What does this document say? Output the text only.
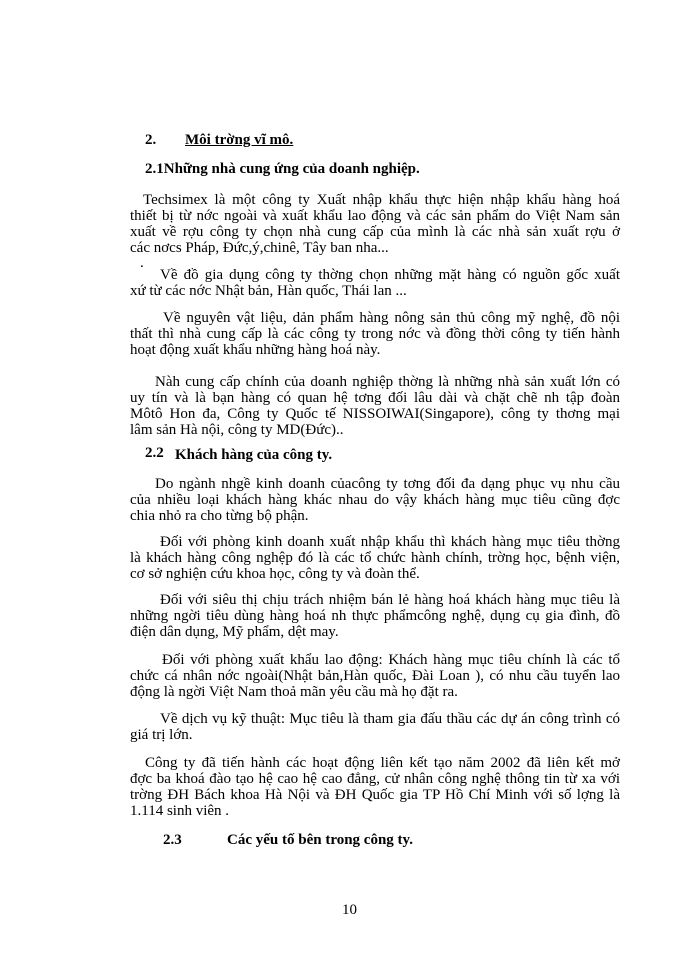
2. Môi trờng vĩ mô.
2.1Những nhà cung ứng của doanh nghiệp.
Techsimex là một công ty Xuất nhập khẩu thực hiện nhập khẩu hàng hoá
thiết bị từ nớc ngoài và xuất khẩu lao động và các sản phẩm do Việt Nam sản
xuất về rợu công ty chọn nhà cung cấp của mình là các nhà sản xuất rợu ở
các nơcs Pháp, Đức,ý,chinê, Tây ban nha...
.
Về đồ gia dụng công ty thờng chọn những mặt hàng có nguồn gốc xuất
xứ từ các nớc Nhật bản, Hàn quốc, Thái lan ...
Về nguyên vật liệu, dản phẩm hàng nông sản thủ công mỹ nghệ, đồ nội
thất thì nhà cung cấp là các công ty trong nớc và đồng thời công ty tiến hành
hoạt động xuất khẩu những hàng hoá này.
Nàh cung cấp chính của doanh nghiệp thờng là những nhà sản xuất lớn có
uy tín và là bạn hàng có quan hệ tơng đối lâu dài và chặt chẽ nh tập đoàn
Môtô Hon đa, Công ty Quốc tế NISSOIWAI(Singapore), công ty thơng mại
lâm sản Hà nội, công ty MD(Đức)..
Do ngành nhgề kinh doanh củacông ty tơng đối đa dạng phục vụ nhu cầu
của nhiều loại khách hàng khác nhau do vậy khách hàng mục tiêu cũng đợc
chia nhỏ ra cho từng bộ phận.
Đối với phòng kinh doanh xuất nhập khẩu thì khách hàng mục tiêu thờng
là khách hàng công nghệp đó là các tổ chức hành chính, trờng học, bệnh viện,
cơ sở nghiện cứu khoa học, công ty và đoàn thể.
Đối với siêu thị chịu trách nhiệm bán lẻ hàng hoá khách hàng mục tiêu là
những ngời tiêu dùng hàng hoá nh thực phẩmcông nghệ, dụng cụ gia đình, đồ
điện dân dụng, Mỹ phẩm, dệt may.
Đối với phòng xuất khẩu lao động: Khách hàng mục tiêu chính là các tổ
chức cá nhân nớc ngoài(Nhật bản,Hàn quốc, Đài Loan ), có nhu cầu tuyển lao
động là ngời Việt Nam thoả mãn yêu cầu mà họ đặt ra.
Về dịch vụ kỹ thuật: Mục tiêu là tham gia đấu thầu các dự án công trình có
giá trị lớn.
Công ty đã tiến hành các hoạt động liên kết tạo năm 2002 đã liên kết mở
đợc ba khoá đào tạo hệ cao hệ cao đẳng, cử nhân công nghệ thông tin từ xa với
trờng ĐH Bách khoa Hà Nội và ĐH Quốc gia TP Hồ Chí Minh với số lợng là
1.114 sinh viên .
2.2 Khách hàng của công ty.
2.3	Các yếu tố bên trong công ty.
10
